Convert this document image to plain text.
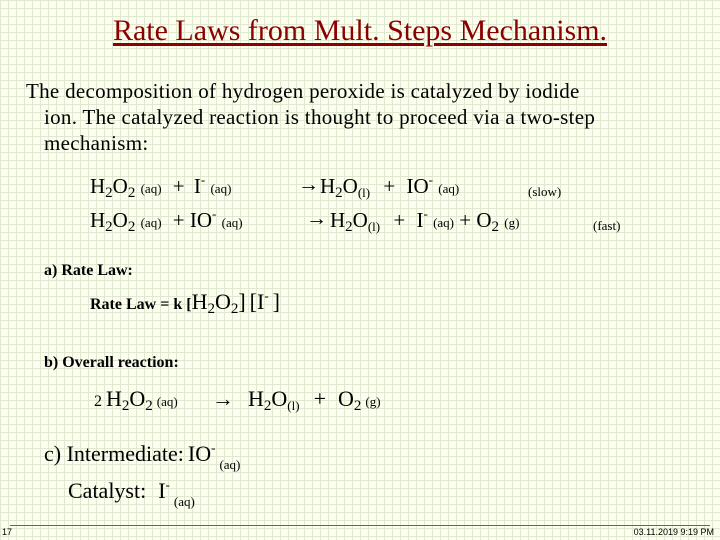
Rate Laws from Mult. Steps Mechanism.
The decomposition of hydrogen peroxide is catalyzed by iodide
ion. The catalyzed reaction is thought to proceed via a two-step
mechanism:
$H_2O_2$ (aq) + I- (aq)	→ $H_2O_{(l)} + IO^-$ (aq)	(slow)
$H_2O_2$ (aq) + IO- (aq)	→ $H_2O_{(l)} + I^-$ $(aq) + O_2$ (g)	(fast)
a) Rate Law:
Rate Law = k $[H_2O_2]$ [I- ]
b) Overall reaction:
2 $H_2O_2$ $(aq) \to H_2O_{(l)} + O_2$ (g)
c) Intermediate: IO- $_{(aq)}$
Catalyst: I- $_{(aq)}$
17	03.11.2019 9:19 PM
